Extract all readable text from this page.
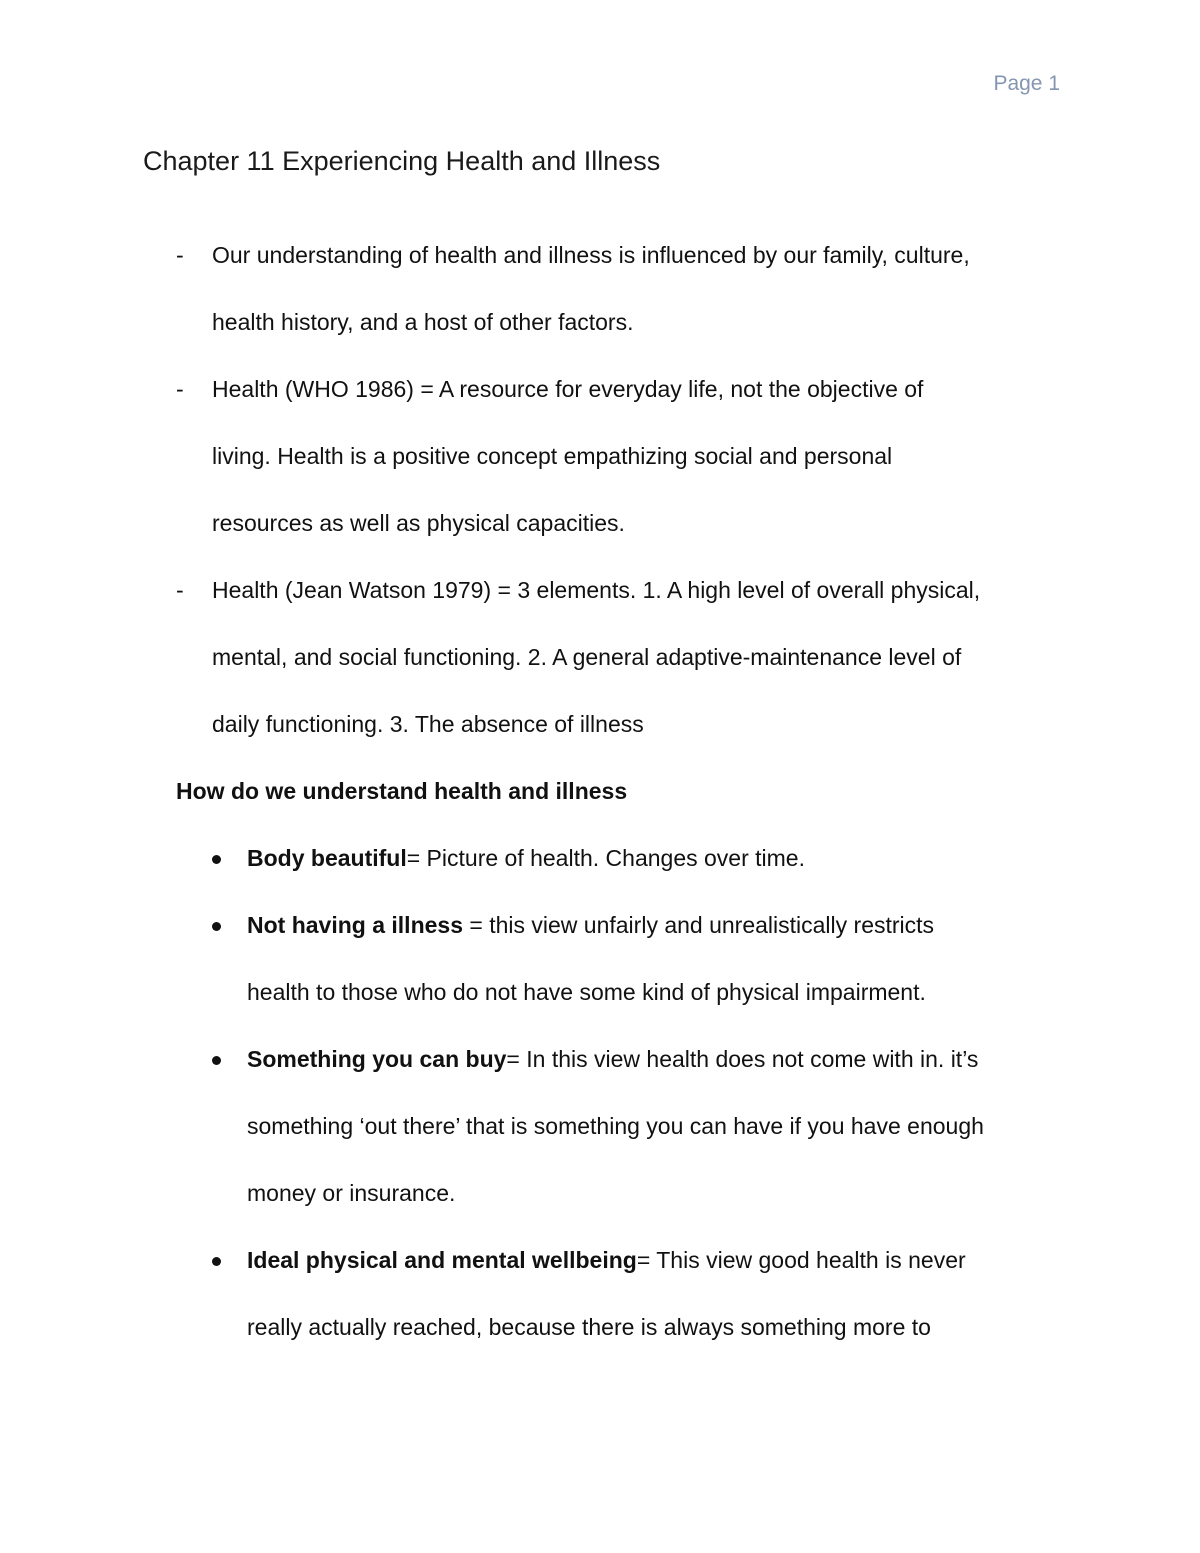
Page 1
Chapter 11 Experiencing Health and Illness
- Our understanding of health and illness is influenced by our family, culture,
health history, and a host of other factors.
- Health (WHO 1986) = A resource for everyday life, not the objective of
living. Health is a positive concept empathizing social and personal
resources as well as physical capacities.
- Health (Jean Watson 1979) = 3 elements. 1. A high level of overall physical,
mental, and social functioning. 2. A general adaptive-maintenance level of
daily functioning. 3. The absence of illness
How do we understand health and illness
Body beautiful= Picture of health. Changes over time.
Not having a illness = this view unfairly and unrealistically restricts
health to those who do not have some kind of physical impairment.
Something you can buy= In this view health does not come with in. it’s
something ‘out there’ that is something you can have if you have enough
money or insurance.
Ideal physical and mental wellbeing= This view good health is never
really actually reached, because there is always something more to
